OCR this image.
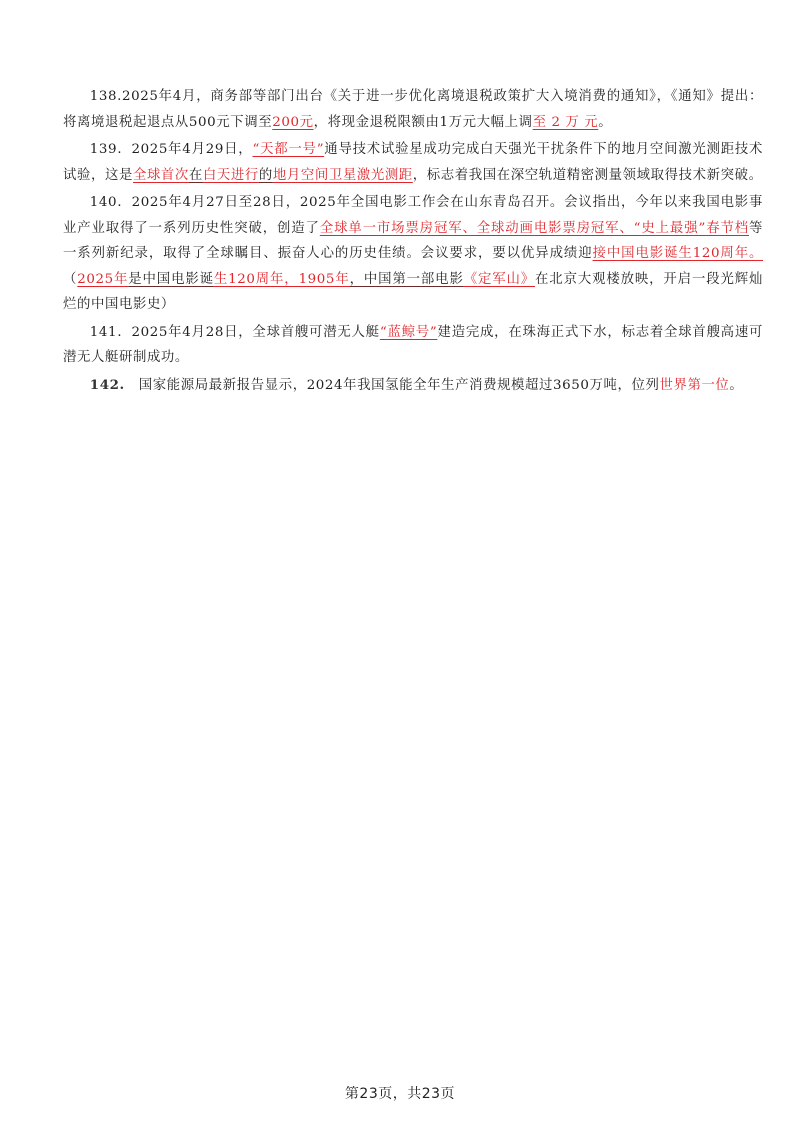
138.2025年4月，商务部等部门出台《关于进一步优化离境退税政策扩大入境消费的通知》，《通知》提出：将离境退税起退点从500元下调至200元，将现金退税限额由1万元大幅上调至 2 万 元。

139．2025年4月29日，“天都一号”通导技术试验星成功完成白天强光干扰条件下的地月空间激光测距技术试验，这是全球首次在白天进行的地月空间卫星激光测距，标志着我国在深空轨道精密测量领域取得技术新突破。

140．2025年4月27日至28日，2025年全国电影工作会在山东青岛召开。会议指出，今年以来我国电影事业产业取得了一系列历史性突破，创造了全球单一市场票房冠军、全球动画电影票房冠军、“史上最强”春节档等一系列新纪录，取得了全球瞩目、振奋人心的历史佳绩。会议要求，要以优异成绩迎接中国电影诞生120周年。（2025年是中国电影诞生120周年，1905年，中国第一部电影《定军山》在北京大观楼放映，开启一段光辉灿烂的中国电影史）

141．2025年4月28日，全球首艘可潜无人艇“蓝鲸号”建造完成，在珠海正式下水，标志着全球首艘高速可潜无人艇研制成功。

142.　国家能源局最新报告显示，2024年我国氢能全年生产消费规模超过3650万吨，位列世界第一位。

第23页，共23页
